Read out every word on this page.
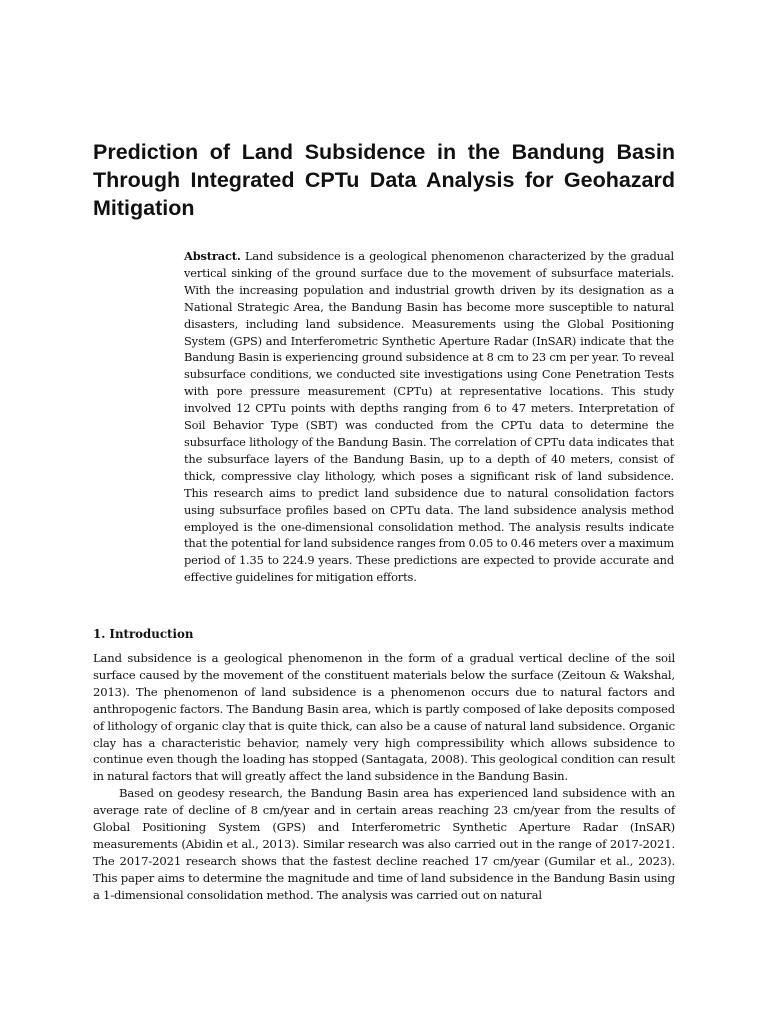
Prediction of Land Subsidence in the Bandung Basin Through Integrated CPTu Data Analysis for Geohazard Mitigation

Abstract. Land subsidence is a geological phenomenon characterized by the gradual vertical sinking of the ground surface due to the movement of subsurface materials. With the increasing population and industrial growth driven by its designation as a National Strategic Area, the Bandung Basin has become more susceptible to natural disasters, including land subsidence. Measurements using the Global Positioning System (GPS) and Interferometric Synthetic Aperture Radar (InSAR) indicate that the Bandung Basin is experiencing ground subsidence at 8 cm to 23 cm per year. To reveal subsurface conditions, we conducted site investigations using Cone Penetration Tests with pore pressure measurement (CPTu) at representative locations. This study involved 12 CPTu points with depths ranging from 6 to 47 meters. Interpretation of Soil Behavior Type (SBT) was conducted from the CPTu data to determine the subsurface lithology of the Bandung Basin. The correlation of CPTu data indicates that the subsurface layers of the Bandung Basin, up to a depth of 40 meters, consist of thick, compressive clay lithology, which poses a significant risk of land subsidence. This research aims to predict land subsidence due to natural consolidation factors using subsurface profiles based on CPTu data. The land subsidence analysis method employed is the one-dimensional consolidation method. The analysis results indicate that the potential for land subsidence ranges from 0.05 to 0.46 meters over a maximum period of 1.35 to 224.9 years. These predictions are expected to provide accurate and effective guidelines for mitigation efforts.

1. Introduction

Land subsidence is a geological phenomenon in the form of a gradual vertical decline of the soil surface caused by the movement of the constituent materials below the surface (Zeitoun & Wakshal, 2013). The phenomenon of land subsidence is a phenomenon occurs due to natural factors and anthropogenic factors. The Bandung Basin area, which is partly composed of lake deposits composed of lithology of organic clay that is quite thick, can also be a cause of natural land subsidence. Organic clay has a characteristic behavior, namely very high compressibility which allows subsidence to continue even though the loading has stopped (Santagata, 2008). This geological condition can result in natural factors that will greatly affect the land subsidence in the Bandung Basin.

Based on geodesy research, the Bandung Basin area has experienced land subsidence with an average rate of decline of 8 cm/year and in certain areas reaching 23 cm/year from the results of Global Positioning System (GPS) and Interferometric Synthetic Aperture Radar (InSAR) measurements (Abidin et al., 2013). Similar research was also carried out in the range of 2017-2021. The 2017-2021 research shows that the fastest decline reached 17 cm/year (Gumilar et al., 2023). This paper aims to determine the magnitude and time of land subsidence in the Bandung Basin using a 1-dimensional consolidation method. The analysis was carried out on natural
